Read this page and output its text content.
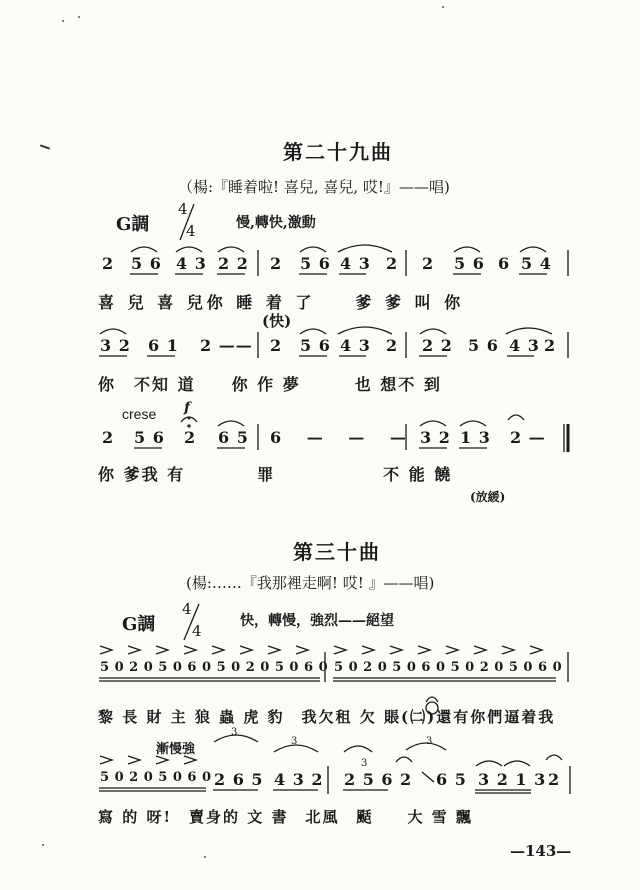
第二十九曲
（楊:『睡着啦! 喜兒, 喜兒, 哎!』——唱)
G調
4
4	慢,轉快,激動
2 5 6 4 3 2 2 2 5 6 4 3 2 2 5 6 6 5 4
喜 兒 喜 兒你 睡 着 了　　爹 爹 叫 你
(快)
3 2 6 1 2 —— 2 5 6 4 3 2 2 2 5 6 4 3 2
你　不知 道　　你 作 夢　　　也 想不 到
crese f
2 5 6 2 6 5 6 — — — 3 2 1 3 2 —
你 爹我 有　　　　罪　　　　　　不 能 饒
(放緩)
第三十曲
(楊:……『我那裡走啊! 哎! 』——唱)
G調
4
4
快，轉慢，強烈——絕望
5 0 2 0 5 0 6 0 5 0 2 0 5 0 6 0 5 0 2 0 5 0 6 0 5 0 2 0 5 0 6 0
黎 長 財 主 狼 蟲 虎 豹　我欠租 欠 賬(㈡)還有你們逼着我
漸慢強
3
3
3
3
5 0 2 0 5 0 6 0 2 6 5 4 3 2 2 5 6 2 6 5 3 2 1 3 2
寫 的 呀!　賣身的 文 書　北風　颳　　大 雪 飄
—143—
